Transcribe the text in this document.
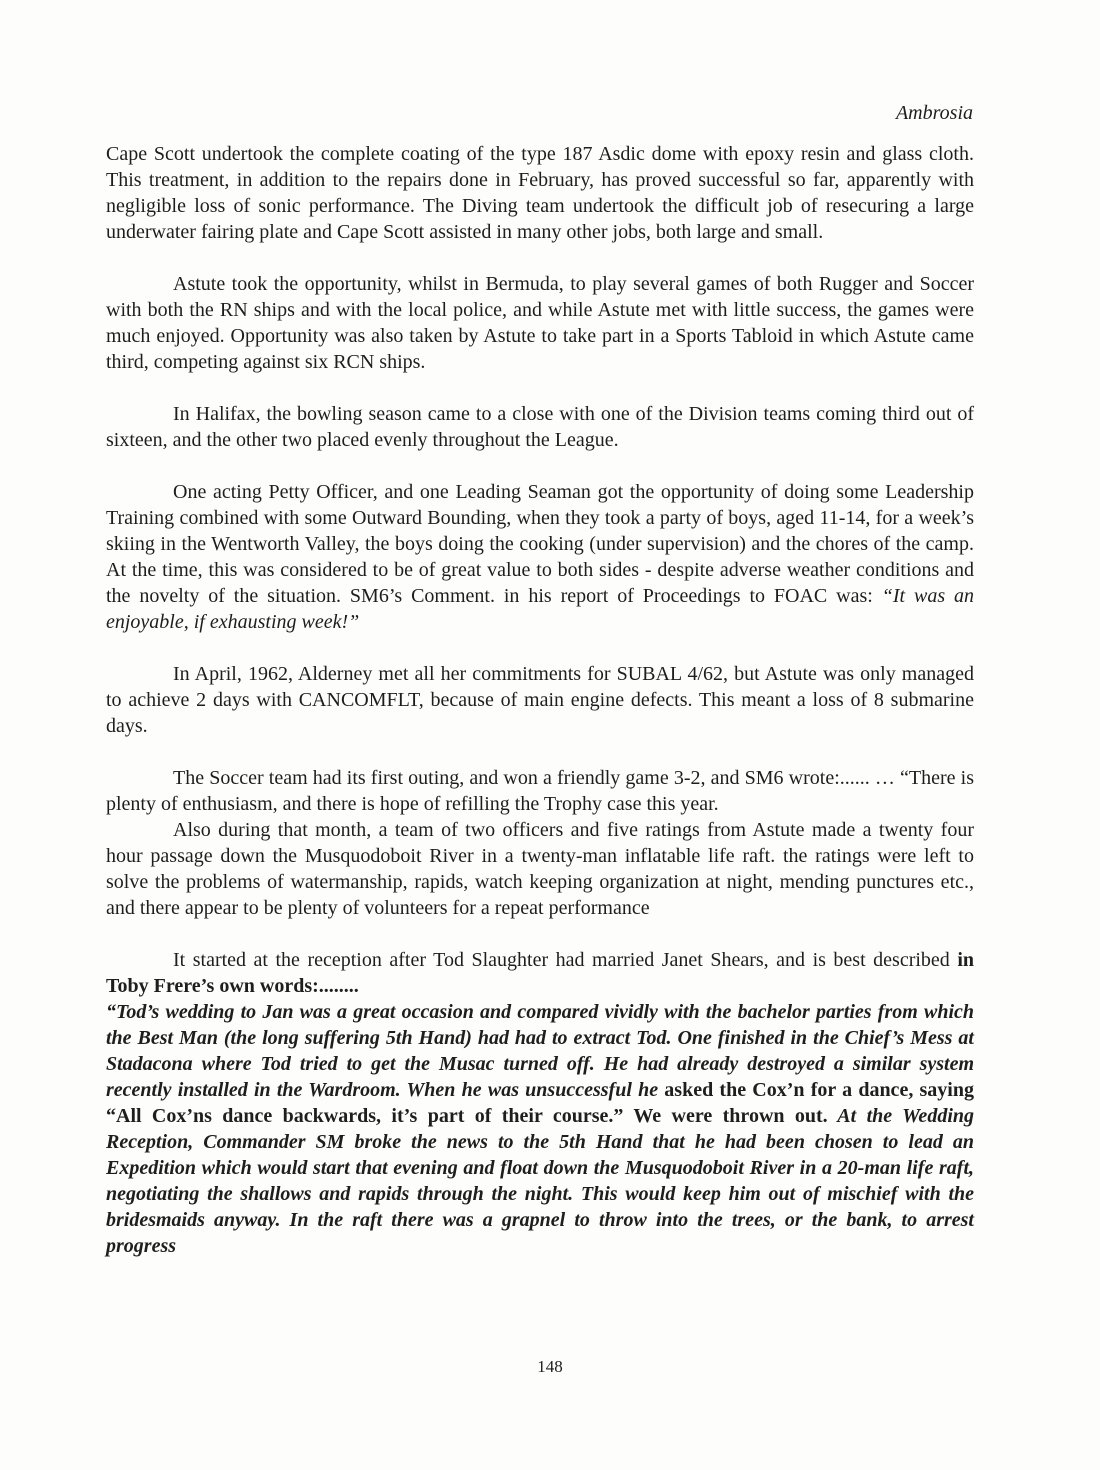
Ambrosia

Cape Scott undertook the complete coating of the type 187 Asdic dome with epoxy resin and glass cloth. This treatment, in addition to the repairs done in February, has proved successful so far, apparently with negligible loss of sonic performance. The Diving team undertook the difficult job of resecuring a large underwater fairing plate and Cape Scott assisted in many other jobs, both large and small.

Astute took the opportunity, whilst in Bermuda, to play several games of both Rugger and Soccer with both the RN ships and with the local police, and while Astute met with little success, the games were much enjoyed. Opportunity was also taken by Astute to take part in a Sports Tabloid in which Astute came third, competing against six RCN ships.

In Halifax, the bowling season came to a close with one of the Division teams coming third out of sixteen, and the other two placed evenly throughout the League.

One acting Petty Officer, and one Leading Seaman got the opportunity of doing some Leadership Training combined with some Outward Bounding, when they took a party of boys, aged 11-14, for a week’s skiing in the Wentworth Valley, the boys doing the cooking (under supervision) and the chores of the camp. At the time, this was considered to be of great value to both sides - despite adverse weather conditions and the novelty of the situation. SM6’s Comment. in his report of Proceedings to FOAC was: “It was an enjoyable, if exhausting week!”

In April, 1962, Alderney met all her commitments for SUBAL 4/62, but Astute was only managed to achieve 2 days with CANCOMFLT, because of main engine defects. This meant a loss of 8 submarine days.

The Soccer team had its first outing, and won a friendly game 3-2, and SM6 wrote:...... … “There is plenty of enthusiasm, and there is hope of refilling the Trophy case this year.

Also during that month, a team of two officers and five ratings from Astute made a twenty four hour passage down the Musquodoboit River in a twenty-man inflatable life raft. the ratings were left to solve the problems of watermanship, rapids, watch keeping organization at night, mending punctures etc., and there appear to be plenty of volunteers for a repeat performance

It started at the reception after Tod Slaughter had married Janet Shears, and is best described in Toby Frere’s own words:........

“Tod’s wedding to Jan was a great occasion and compared vividly with the bachelor parties from which the Best Man (the long suffering 5th Hand) had had to extract Tod. One finished in the Chief’s Mess at Stadacona where Tod tried to get the Musac turned off. He had already destroyed a similar system recently installed in the Wardroom. When he was unsuccessful he asked the Cox’n for a dance, saying “All Cox’ns dance backwards, it’s part of their course.” We were thrown out. At the Wedding Reception, Commander SM broke the news to the 5th Hand that he had been chosen to lead an Expedition which would start that evening and float down the Musquodoboit River in a 20-man life raft, negotiating the shallows and rapids through the night. This would keep him out of mischief with the bridesmaids anyway. In the raft there was a grapnel to throw into the trees, or the bank, to arrest progress

148
